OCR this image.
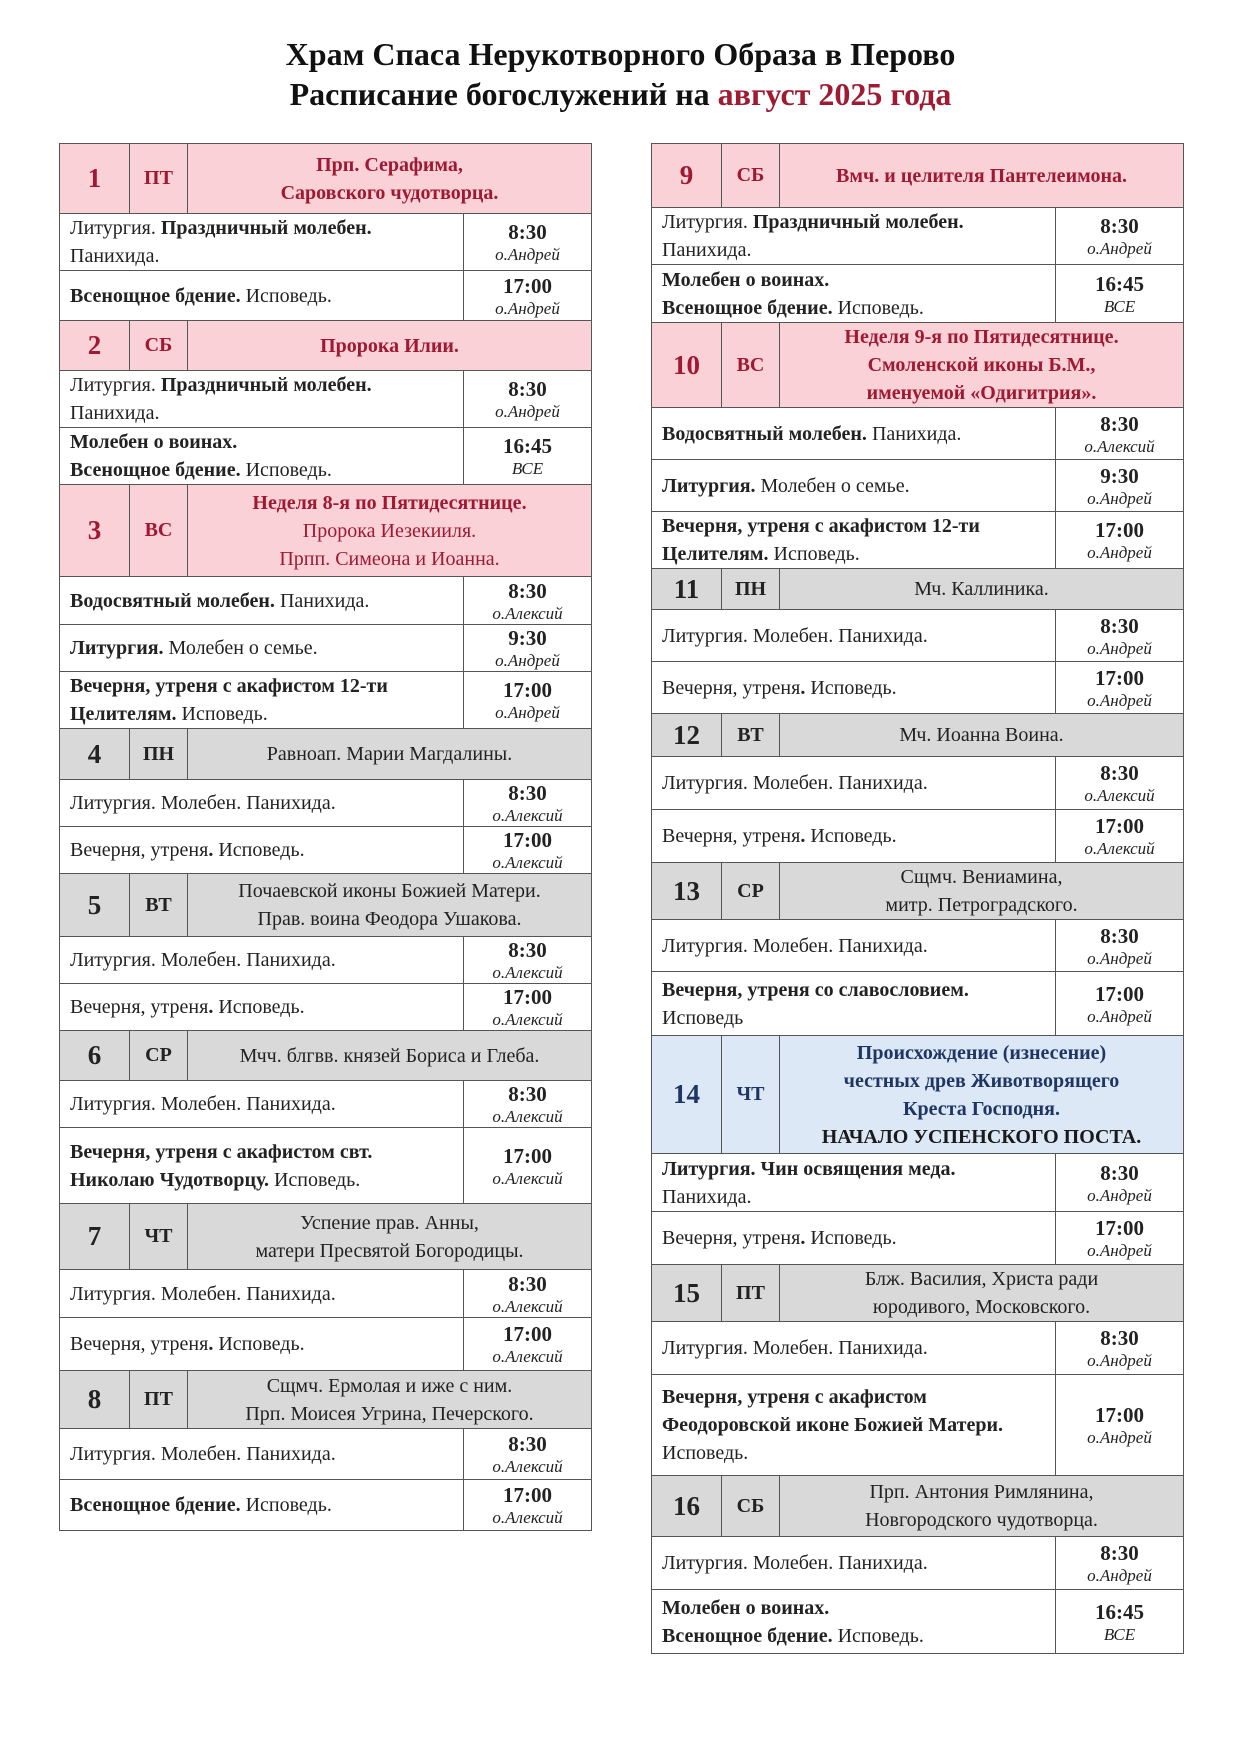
Храм Спаса Нерукотворного Образа в Перово
Расписание богослужений на август 2025 года
1	ПТ	Прп. Серафима,
Саровского чудотворца.	

Литургия. Праздничный молебен. Панихида.			8:30
о.Андрей

Всенощное бдение. Исповедь.			17:00
о.Андрей

2	СБ	Пророка Илии.	

Литургия. Праздничный молебен. Панихида.			8:30
о.Андрей

Молебен о воинах.
Всенощное бдение. Исповедь.			16:45
ВСЕ

3	ВС	Неделя 8-я по Пятидесятнице.
Пророка Иезекииля.
Прпп. Симеона и Иоанна.	

Водосвятный молебен. Панихида.			8:30
о.Алексий

Литургия. Молебен о семье.			9:30
о.Андрей

Вечерня, утреня с акафистом 12-ти Целителям. Исповедь.			17:00
о.Андрей

4	ПН	Равноап. Марии Магдалины.	

Литургия. Молебен. Панихида.			8:30
о.Алексий

Вечерня, утреня. Исповедь.			17:00
о.Алексий

5	ВТ	Почаевской иконы Божией Матери.
Прав. воина Феодора Ушакова.	

Литургия. Молебен. Панихида.			8:30
о.Алексий

Вечерня, утреня. Исповедь.			17:00
о.Алексий

6	СР	Мчч. блгвв. князей Бориса и Глеба.	

Литургия. Молебен. Панихида.			8:30
о.Алексий

Вечерня, утреня с акафистом свт. Николаю Чудотворцу. Исповедь.			17:00
о.Алексий

7	ЧТ	Успение прав. Анны,
матери Пресвятой Богородицы.	

Литургия. Молебен. Панихида.			8:30
о.Алексий

Вечерня, утреня. Исповедь.			17:00
о.Алексий

8	ПТ	Сщмч. Ермолая и иже с ним.
Прп. Моисея Угрина, Печерского.	

Литургия. Молебен. Панихида.			8:30
о.Алексий

Всенощное бдение. Исповедь.			17:00
о.Алексий
9	СБ	Вмч. и целителя Пантелеимона.	

Литургия. Праздничный молебен. Панихида.			8:30
о.Андрей

Молебен о воинах.
Всенощное бдение. Исповедь.			16:45
ВСЕ

10	ВС	Неделя 9-я по Пятидесятнице.
Смоленской иконы Б.М.,
именуемой «Одигитрия».	

Водосвятный молебен. Панихида.			8:30
о.Алексий

Литургия. Молебен о семье.			9:30
о.Андрей

Вечерня, утреня с акафистом 12-ти Целителям. Исповедь.			17:00
о.Андрей

11	ПН	Мч. Каллиника.	

Литургия. Молебен. Панихида.			8:30
о.Андрей

Вечерня, утреня. Исповедь.			17:00
о.Андрей

12	ВТ	Мч. Иоанна Воина.	

Литургия. Молебен. Панихида.			8:30
о.Алексий

Вечерня, утреня. Исповедь.			17:00
о.Алексий

13	СР	Сщмч. Вениамина,
митр. Петроградского.	

Литургия. Молебен. Панихида.			8:30
о.Андрей

Вечерня, утреня со славословием. Исповедь			17:00
о.Андрей

14	ЧТ	Происхождение (изнесение)
честных древ Животворящего
Креста Господня.
НАЧАЛО УСПЕНСКОГО ПОСТА.	

Литургия. Чин освящения меда.
Панихида.			8:30
о.Андрей

Вечерня, утреня. Исповедь.			17:00
о.Андрей

15	ПТ	Блж. Василия, Христа ради
юродивого, Московского.	

Литургия. Молебен. Панихида.			8:30
о.Андрей

Вечерня, утреня с акафистом Феодоровской иконе Божией Матери. Исповедь.			17:00
о.Андрей

16	СБ	Прп. Антония Римлянина,
Новгородского чудотворца.	

Литургия. Молебен. Панихида.			8:30
о.Андрей

Молебен о воинах.
Всенощное бдение. Исповедь.			16:45
ВСЕ
